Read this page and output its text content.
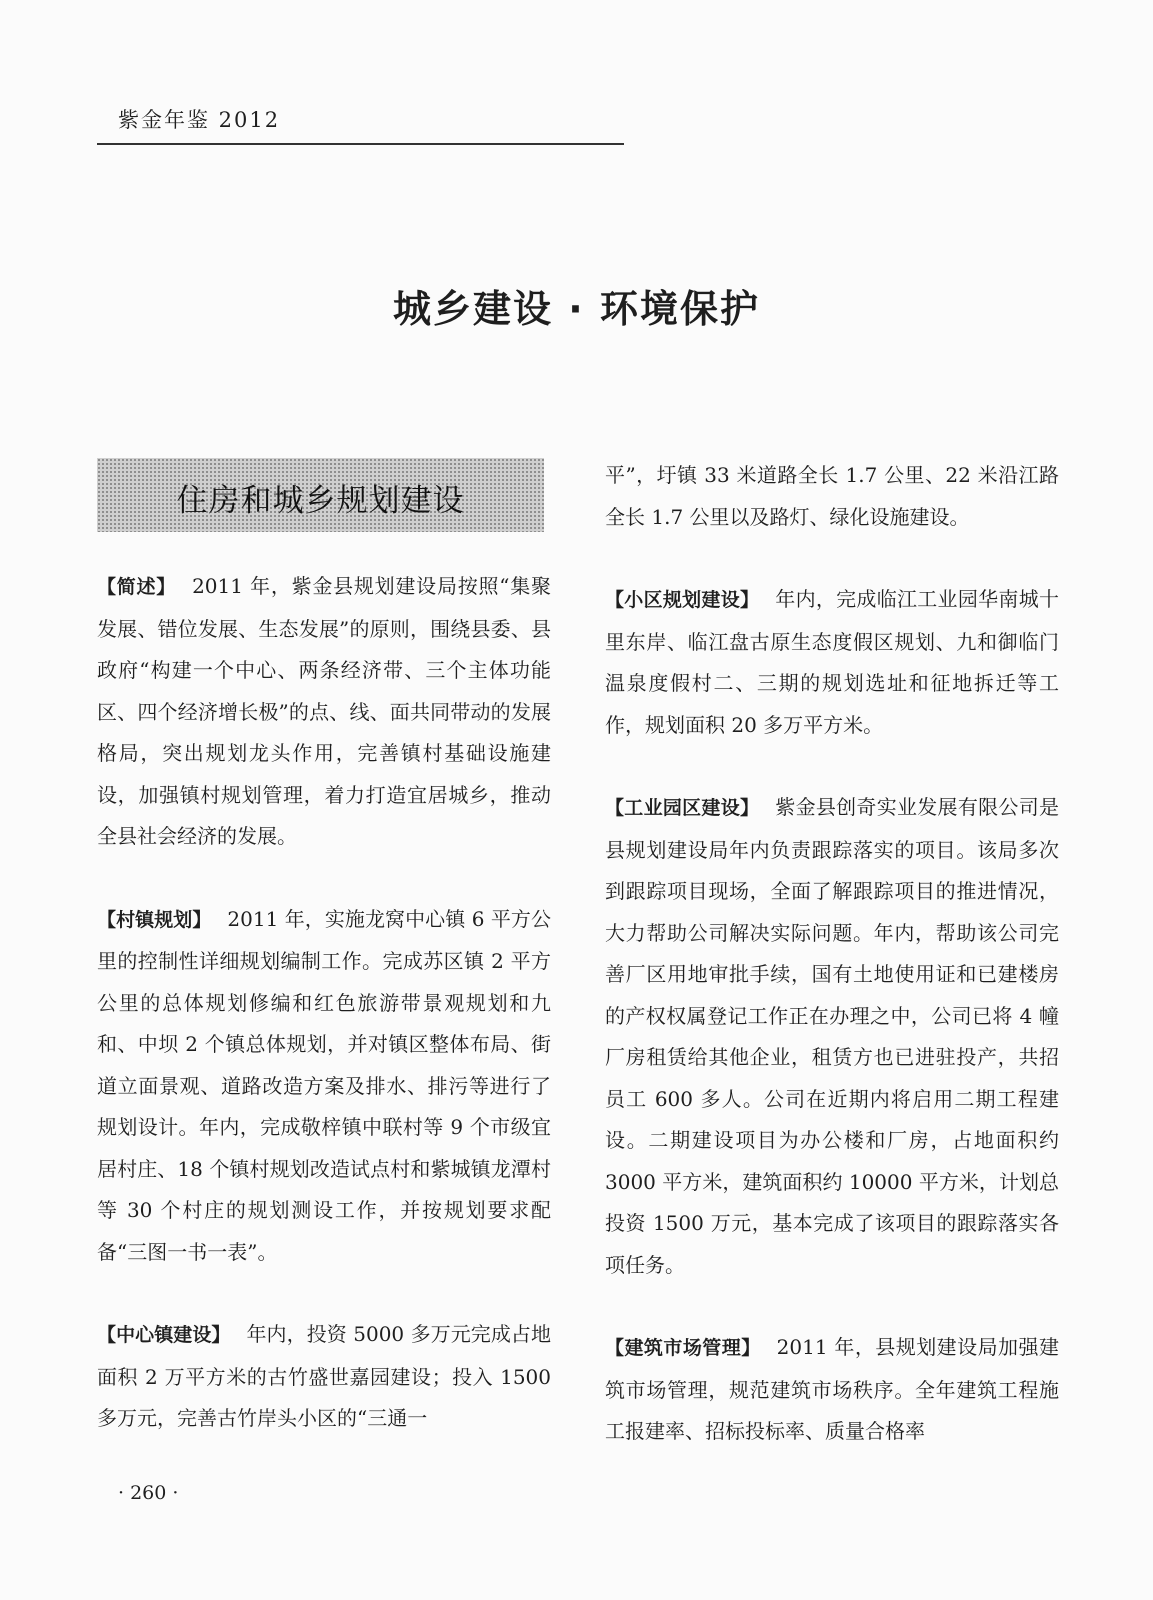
紫金年鉴 2012
城乡建设 · 环境保护
住房和城乡规划建设

【简述】 2011 年，紫金县规划建设局按照“集聚发展、错位发展、生态发展”的原则，围绕县委、县政府“构建一个中心、两条经济带、三个主体功能区、四个经济增长极”的点、线、面共同带动的发展格局，突出规划龙头作用，完善镇村基础设施建设，加强镇村规划管理，着力打造宜居城乡，推动全县社会经济的发展。

【村镇规划】 2011 年，实施龙窝中心镇 6 平方公里的控制性详细规划编制工作。完成苏区镇 2 平方公里的总体规划修编和红色旅游带景观规划和九和、中坝 2 个镇总体规划，并对镇区整体布局、街道立面景观、道路改造方案及排水、排污等进行了规划设计。年内，完成敬梓镇中联村等 9 个市级宜居村庄、18 个镇村规划改造试点村和紫城镇龙潭村等 30 个村庄的规划测设工作，并按规划要求配备“三图一书一表”。

【中心镇建设】 年内，投资 5000 多万元完成占地面积 2 万平方米的古竹盛世嘉园建设；投入 1500 多万元，完善古竹岸头小区的“三通一

平”，圩镇 33 米道路全长 1.7 公里、22 米沿江路全长 1.7 公里以及路灯、绿化设施建设。

【小区规划建设】 年内，完成临江工业园华南城十里东岸、临江盘古原生态度假区规划、九和御临门温泉度假村二、三期的规划选址和征地拆迁等工作，规划面积 20 多万平方米。

【工业园区建设】 紫金县创奇实业发展有限公司是县规划建设局年内负责跟踪落实的项目。该局多次到跟踪项目现场，全面了解跟踪项目的推进情况，大力帮助公司解决实际问题。年内，帮助该公司完善厂区用地审批手续，国有土地使用证和已建楼房的产权权属登记工作正在办理之中，公司已将 4 幢厂房租赁给其他企业，租赁方也已进驻投产，共招员工 600 多人。公司在近期内将启用二期工程建设。二期建设项目为办公楼和厂房，占地面积约 3000 平方米，建筑面积约 10000 平方米，计划总投资 1500 万元，基本完成了该项目的跟踪落实各项任务。

【建筑市场管理】 2011 年，县规划建设局加强建筑市场管理，规范建筑市场秩序。全年建筑工程施工报建率、招标投标率、质量合格率

· 260 ·
